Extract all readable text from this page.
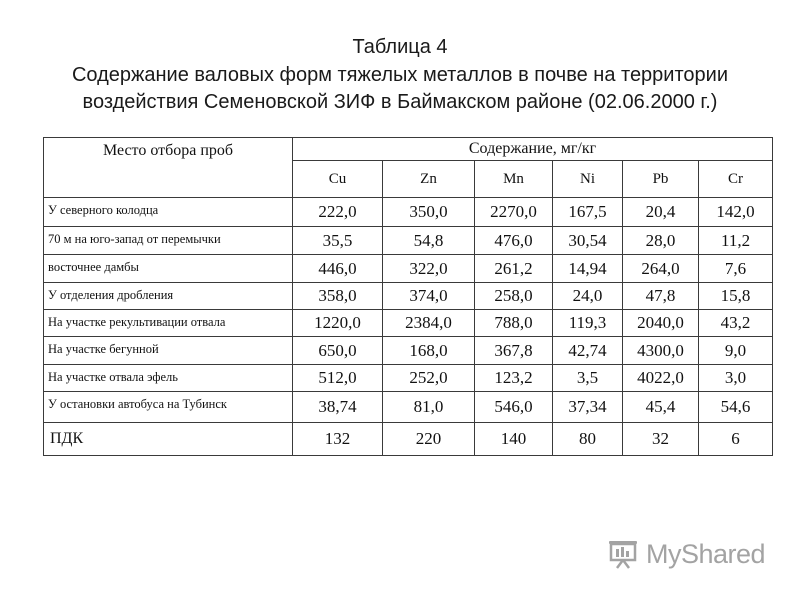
Таблица 4
Содержание валовых форм тяжелых металлов в почве на территории
воздействия Семеновской ЗИФ в Баймакском районе (02.06.2000 г.)
Место отбора проб	Содержание, мг/кг					
	Cu	Zn	Mn	Ni	Pb	Cr
У северного колодца	222,0	350,0	2270,0	167,5	20,4	142,0
70 м на юго-запад от перемычки	35,5	54,8	476,0	30,54	28,0	11,2
восточнее дамбы	446,0	322,0	261,2	14,94	264,0	7,6
У отделения дробления	358,0	374,0	258,0	24,0	47,8	15,8
На участке рекультивации отвала	1220,0	2384,0	788,0	119,3	2040,0	43,2
На участке бегунной	650,0	168,0	367,8	42,74	4300,0	9,0
На участке отвала эфель	512,0	252,0	123,2	3,5	4022,0	3,0
У остановки автобуса на Тубинск	38,74	81,0	546,0	37,34	45,4	54,6
ПДК	132	220	140	80	32	6
MyShared
